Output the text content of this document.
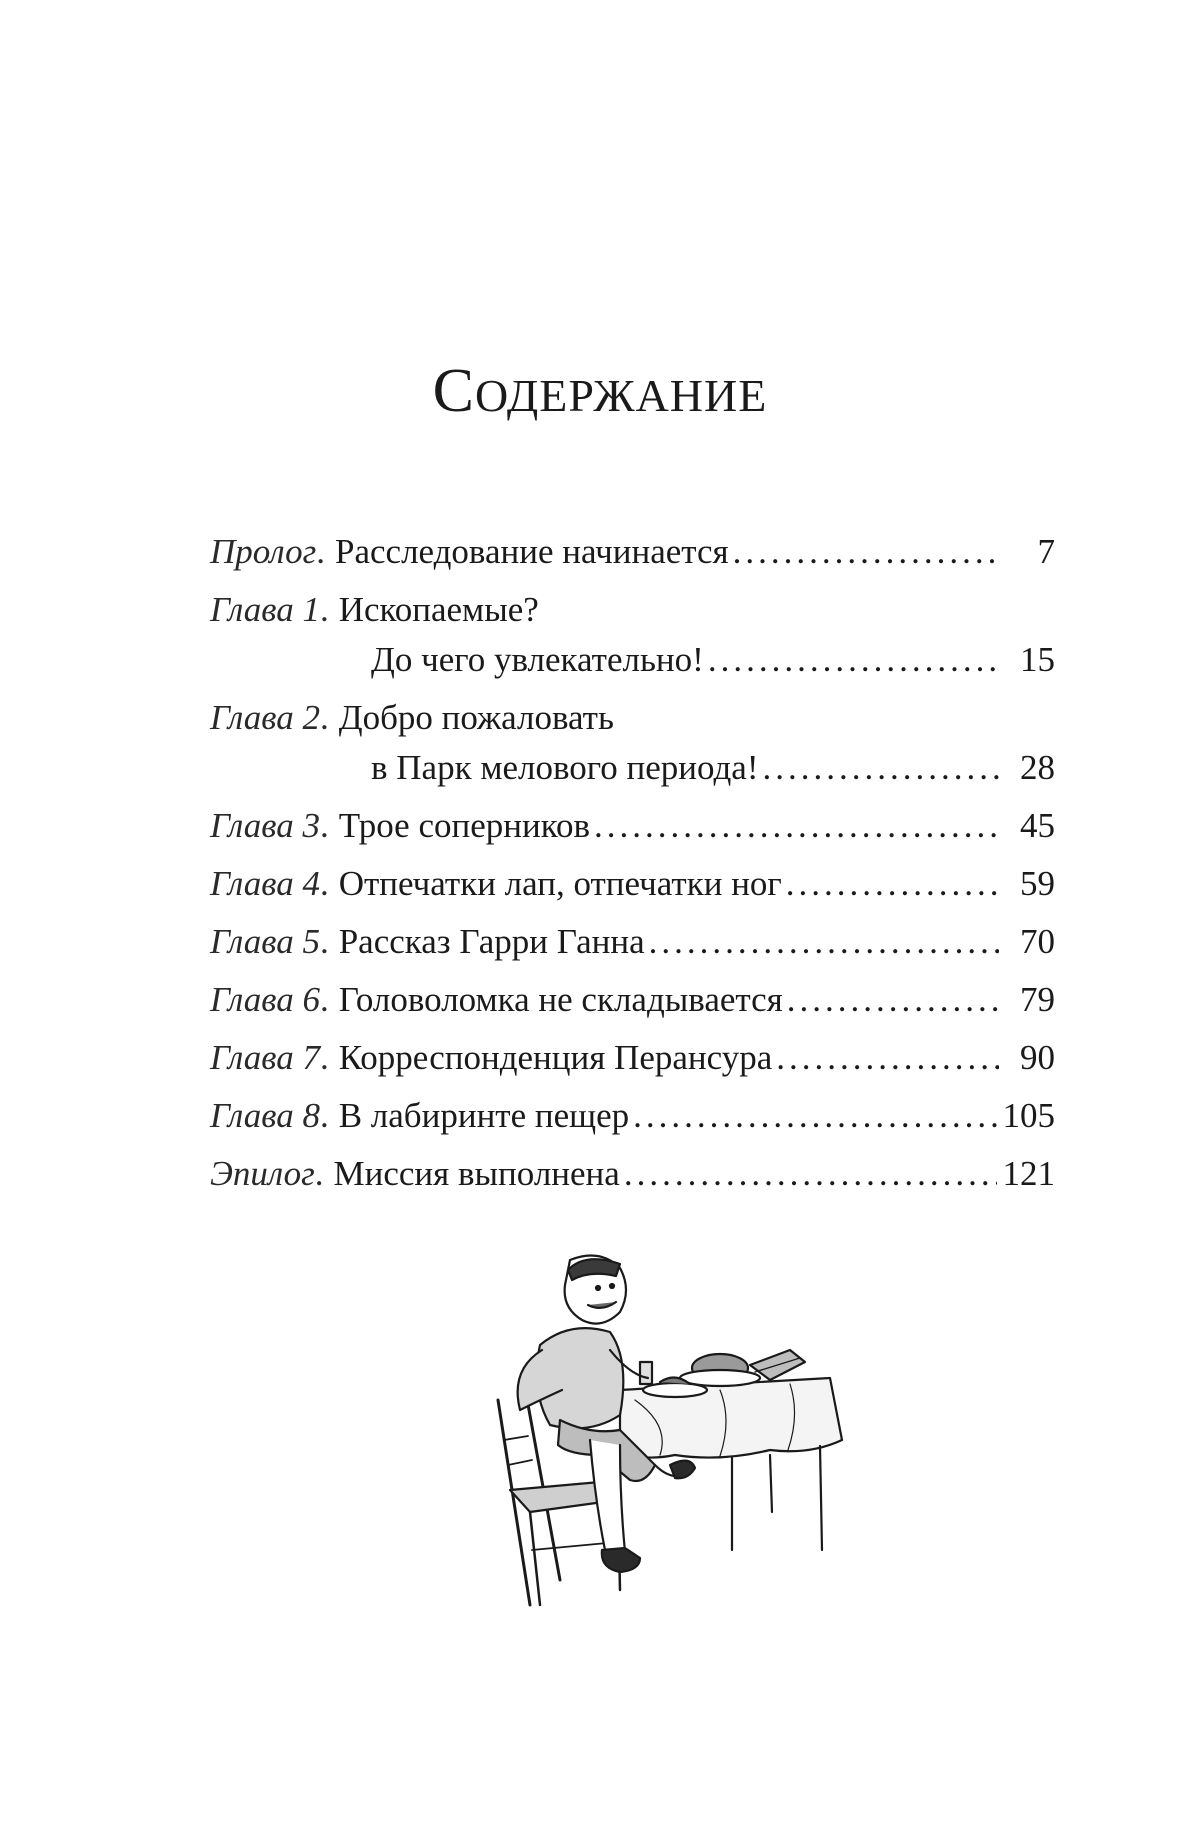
СОДЕРЖАНИЕ
Пролог. Расследование начинается .....	7
Глава 1. Ископаемые?
До чего увлекательно! .....	15
Глава 2. Добро пожаловать
в Парк мелового периода! .....	28
Глава 3. Трое соперников .....	45
Глава 4. Отпечатки лап, отпечатки ног .....	59
Глава 5. Рассказ Гарри Ганна .....	70
Глава 6. Головоломка не складывается .....	79
Глава 7. Корреспонденция Перансура .....	90
Глава 8. В лабиринте пещер .....	105
Эпилог. Миссия выполнена .....	121
